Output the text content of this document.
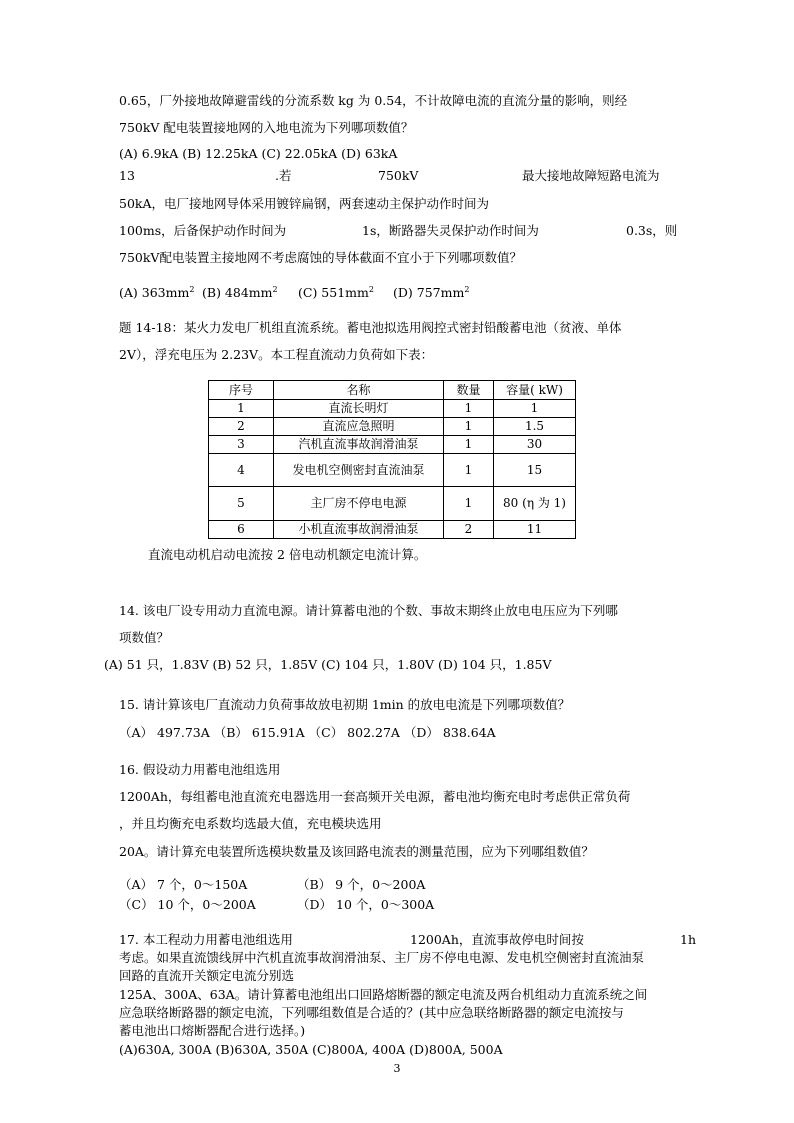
0.65，厂外接地故障避雷线的分流系数 kg 为 0.54，不计故障电流的直流分量的影响，则经
750kV 配电装置接地网的入地电流为下列哪项数值？
(A) 6.9kA (B) 12.25kA (C) 22.05kA (D) 63kA
13	.若	750kV	最大接地故障短路电流为
50kA，电厂接地网导体采用镀锌扁钢，两套速动主保护动作时间为
100ms，后备保护动作时间为	1s，断路器失灵保护动作时间为	0.3s，则
750kV配电装置主接地网不考虑腐蚀的导体截面不宜小于下列哪项数值？
(A) $363mm^2$ (B) $484mm^2$ (C) $551mm^2$ (D) $757mm^2$
题 14-18：某火力发电厂机组直流系统。蓄电池拟选用阀控式密封铅酸蓄电池（贫液、单体
2V），浮充电压为 2.23V。本工程直流动力负荷如下表：
序号	名称	数量	容量( kW)
1	直流长明灯	1	1
2	直流应急照明	1	1.5
3	汽机直流事故润滑油泵	1	30
4	发电机空侧密封直流油泵	1	15
5	主厂房不停电电源	1	80 (η 为 1)
6	小机直流事故润滑油泵	2	11
直流电动机启动电流按 2 倍电动机额定电流计算。
14. 该电厂设专用动力直流电源。请计算蓄电池的个数、事故末期终止放电电压应为下列哪
项数值？
(A) 51 只，1.83V (B) 52 只，1.85V (C) 104 只，1.80V (D) 104 只，1.85V
15. 请计算该电厂直流动力负荷事故放电初期 1min 的放电电流是下列哪项数值？
（A） 497.73A （B） 615.91A （C） 802.27A （D） 838.64A
16. 假设动力用蓄电池组选用
1200Ah，每组蓄电池直流充电器选用一套高频开关电源，蓄电池均衡充电时考虑供正常负荷
，并且均衡充电系数均选最大值，充电模块选用
20A。请计算充电装置所选模块数量及该回路电流表的测量范围，应为下列哪组数值？
（A） 7 个，0～150A	（B） 9 个，0～200A
（C） 10 个，0～200A	（D） 10 个，0～300A
17. 本工程动力用蓄电池组选用	1200Ah，直流事故停电时间按	1h
考虑。如果直流馈线屏中汽机直流事故润滑油泵、主厂房不停电电源、发电机空侧密封直流油泵
回路的直流开关额定电流分别选
125A、300A、63A。请计算蓄电池组出口回路熔断器的额定电流及两台机组动力直流系统之间
应急联络断路器的额定电流，下列哪组数值是合适的？(其中应急联络断路器的额定电流按与
蓄电池出口熔断器配合进行选择。)
(A)630A, 300A (B)630A, 350A (C)800A, 400A (D)800A, 500A
3
